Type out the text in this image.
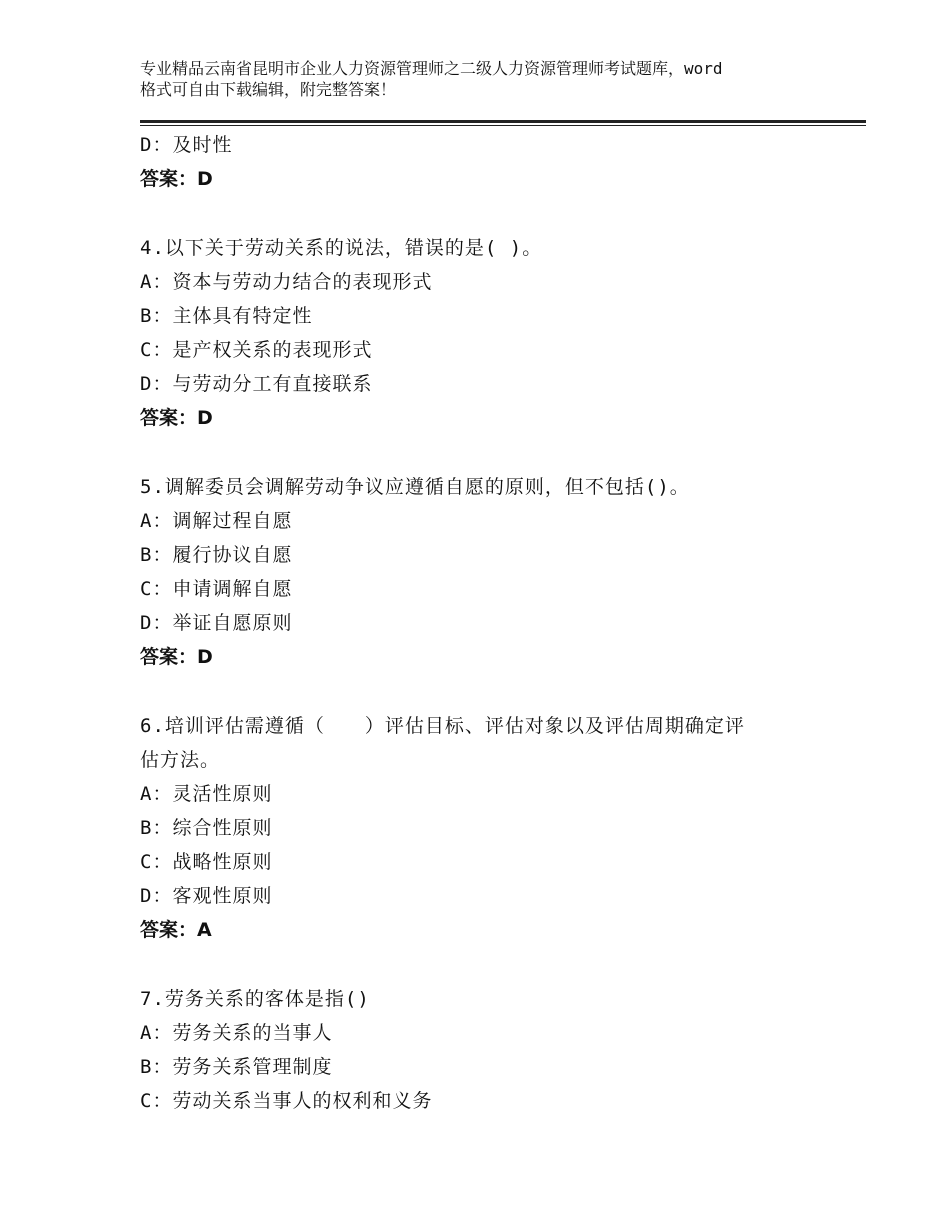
专业精品云南省昆明市企业人力资源管理师之二级人力资源管理师考试题库，word
格式可自由下载编辑，附完整答案！
D：及时性
答案：D
4.以下关于劳动关系的说法，错误的是( )。
A：资本与劳动力结合的表现形式
B：主体具有特定性
C：是产权关系的表现形式
D：与劳动分工有直接联系
答案：D
5.调解委员会调解劳动争议应遵循自愿的原则，但不包括()。
A：调解过程自愿
B：履行协议自愿
C：申请调解自愿
D：举证自愿原则
答案：D
6.培训评估需遵循（　　）评估目标、评估对象以及评估周期确定评
估方法。
A：灵活性原则
B：综合性原则
C：战略性原则
D：客观性原则
答案：A
7.劳务关系的客体是指()
A：劳务关系的当事人
B：劳务关系管理制度
C：劳动关系当事人的权利和义务
